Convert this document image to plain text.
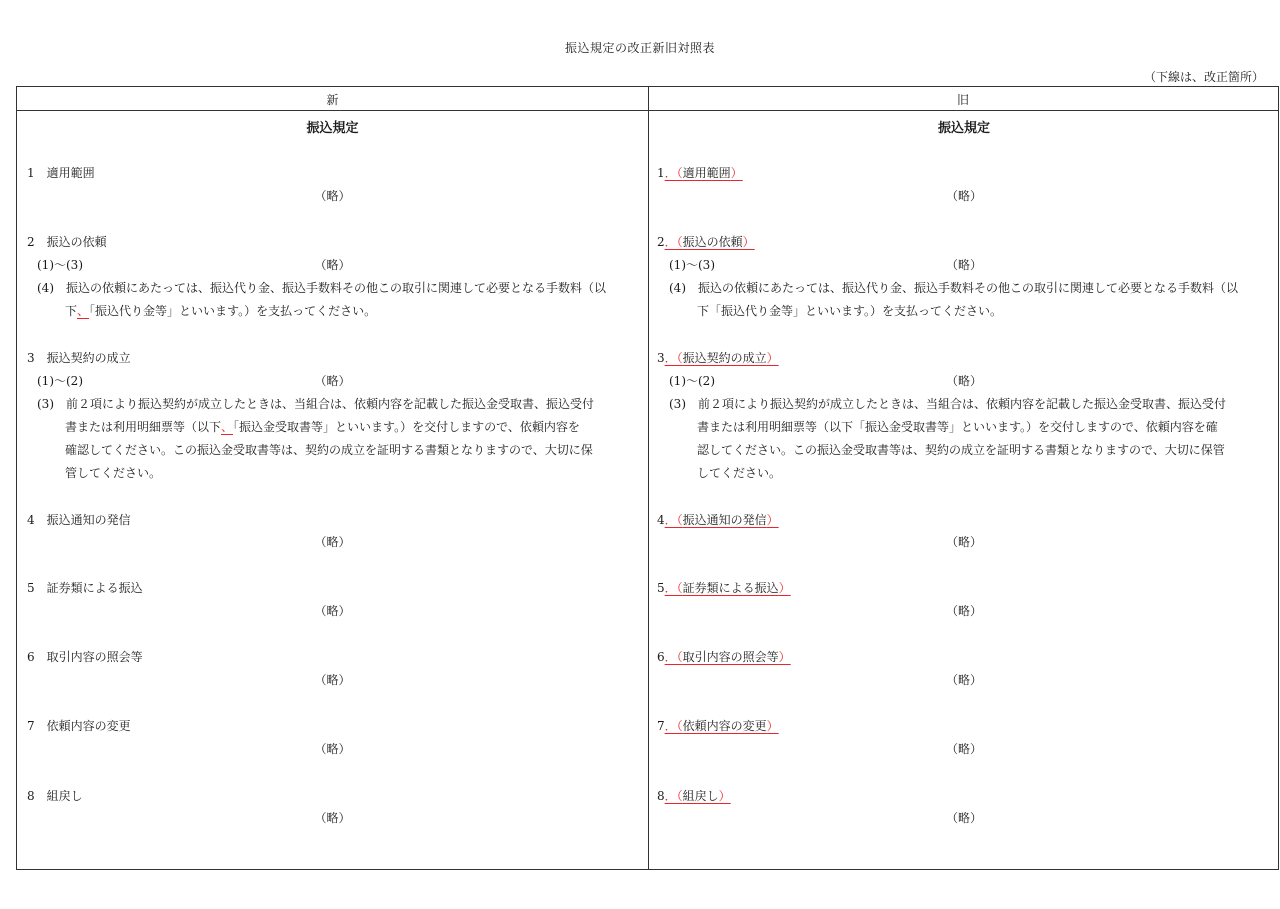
振込規定の改正新旧対照表
（下線は、改正箇所）
新	旧
振込規定
1　適用範囲
（略）
2　振込の依頼
(1)～(3)	（略）
(4)　振込の依頼にあたっては、振込代り金、振込手数料その他この取引に関連して必要となる手数料（以
下、「振込代り金等」といいます。）を支払ってください。
3　振込契約の成立
(1)～(2)	（略）
(3)　前２項により振込契約が成立したときは、当組合は、依頼内容を記載した振込金受取書、振込受付
書または利用明細票等（以下、「振込金受取書等」といいます。）を交付しますので、依頼内容を
確認してください。この振込金受取書等は、契約の成立を証明する書類となりますので、大切に保
管してください。
4　振込通知の発信
（略）
5　証券類による振込
（略）
6　取引内容の照会等
（略）
7　依頼内容の変更
（略）
8　組戻し
（略）
振込規定
1．（適用範囲）
（略）
2．（振込の依頼）
(1)～(3)	（略）
(4)　振込の依頼にあたっては、振込代り金、振込手数料その他この取引に関連して必要となる手数料（以
下「振込代り金等」といいます。）を支払ってください。
3．（振込契約の成立）
(1)～(2)	（略）
(3)　前２項により振込契約が成立したときは、当組合は、依頼内容を記載した振込金受取書、振込受付
書または利用明細票等（以下「振込金受取書等」といいます。）を交付しますので、依頼内容を確
認してください。この振込金受取書等は、契約の成立を証明する書類となりますので、大切に保管
してください。
4．（振込通知の発信）
（略）
5．（証券類による振込）
（略）
6．（取引内容の照会等）
（略）
7．（依頼内容の変更）
（略）
8．（組戻し）
（略）
